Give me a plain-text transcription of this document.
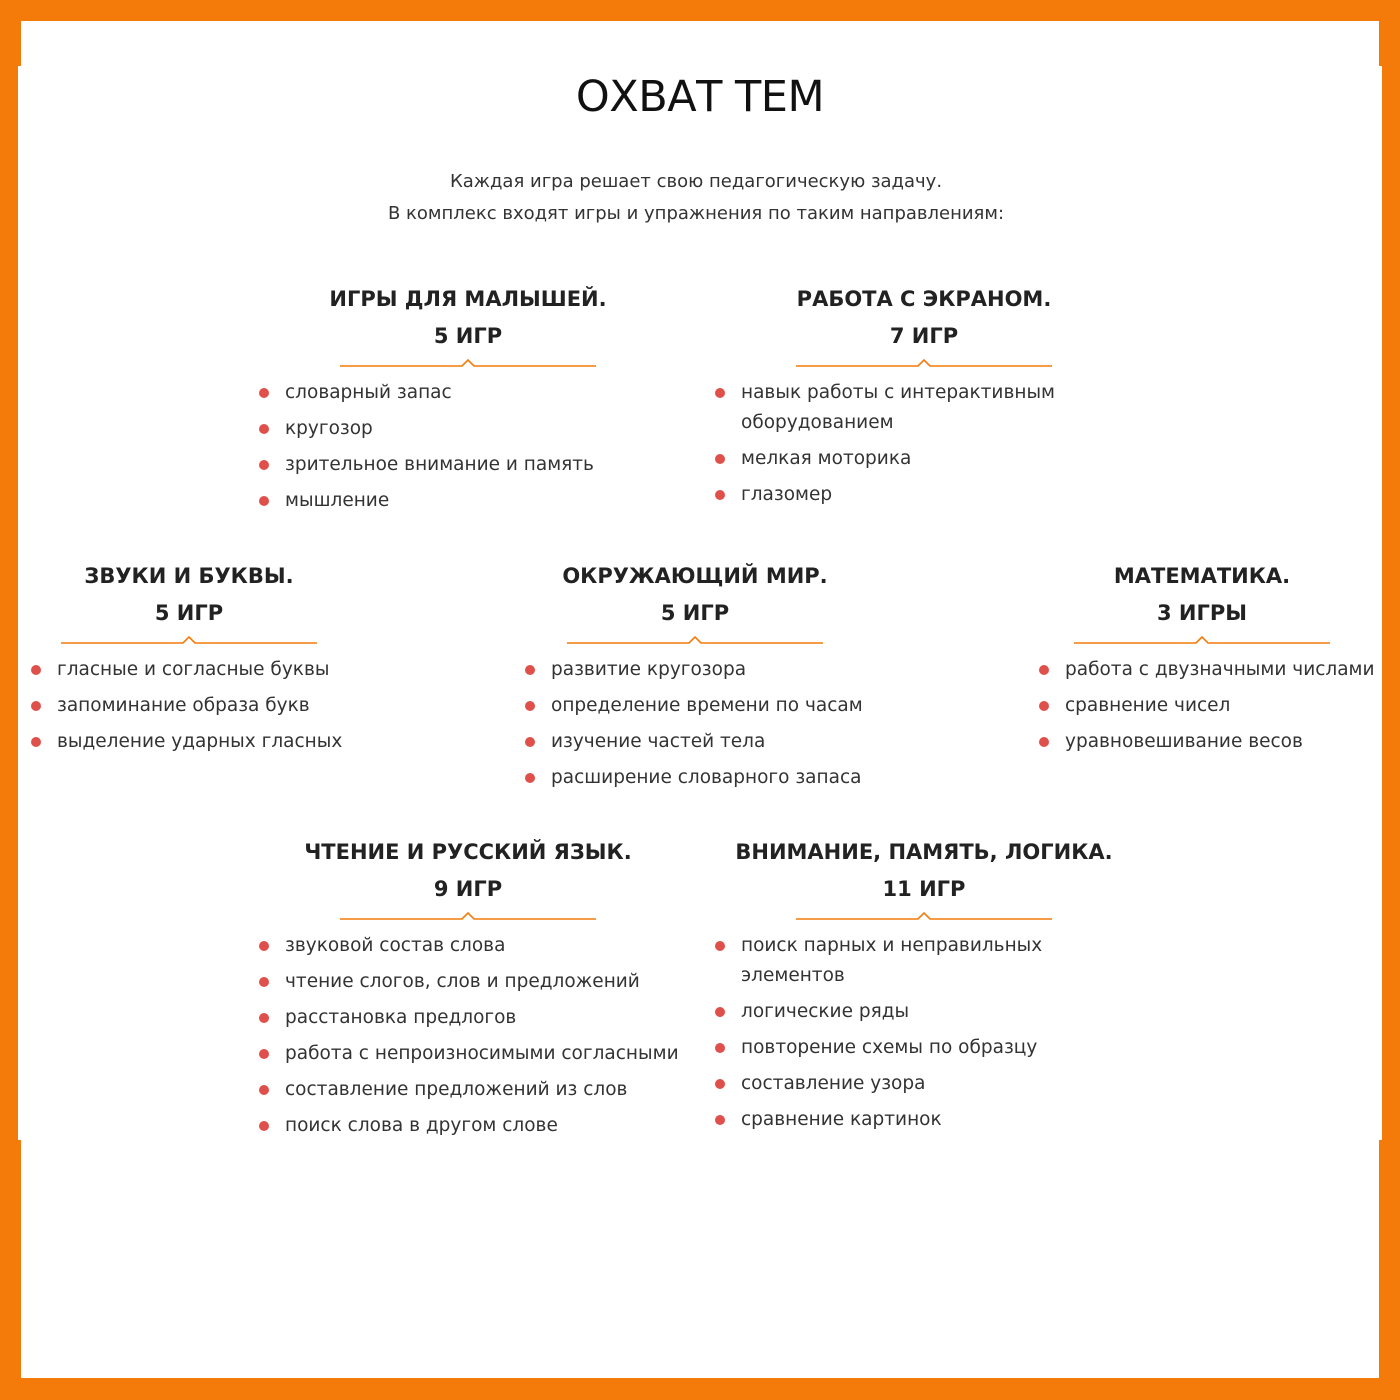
ОХВАТ ТЕМ
Каждая игра решает свою педагогическую задачу.
В комплекс входят игры и упражнения по таким направлениям:
ИГРЫ ДЛЯ МАЛЫШЕЙ.
5 ИГР
словарный запас
кругозор
зрительное внимание и память
мышление
РАБОТА С ЭКРАНОМ.
7 ИГР
навык работы с интерактивным оборудованием
мелкая моторика
глазомер
ЗВУКИ И БУКВЫ.
5 ИГР
гласные и согласные буквы
запоминание образа букв
выделение ударных гласных
ОКРУЖАЮЩИЙ МИР.
5 ИГР
развитие кругозора
определение времени по часам
изучение частей тела
расширение словарного запаса
МАТЕМАТИКА.
3 ИГРЫ
работа с двузначными числами
сравнение чисел
уравновешивание весов
ЧТЕНИЕ И РУССКИЙ ЯЗЫК.
9 ИГР
звуковой состав слова
чтение слогов, слов и предложений
расстановка предлогов
работа с непроизносимыми согласными
составление предложений из слов
поиск слова в другом слове
ВНИМАНИЕ, ПАМЯТЬ, ЛОГИКА.
11 ИГР
поиск парных и неправильных элементов
логические ряды
повторение схемы по образцу
составление узора
сравнение картинок
